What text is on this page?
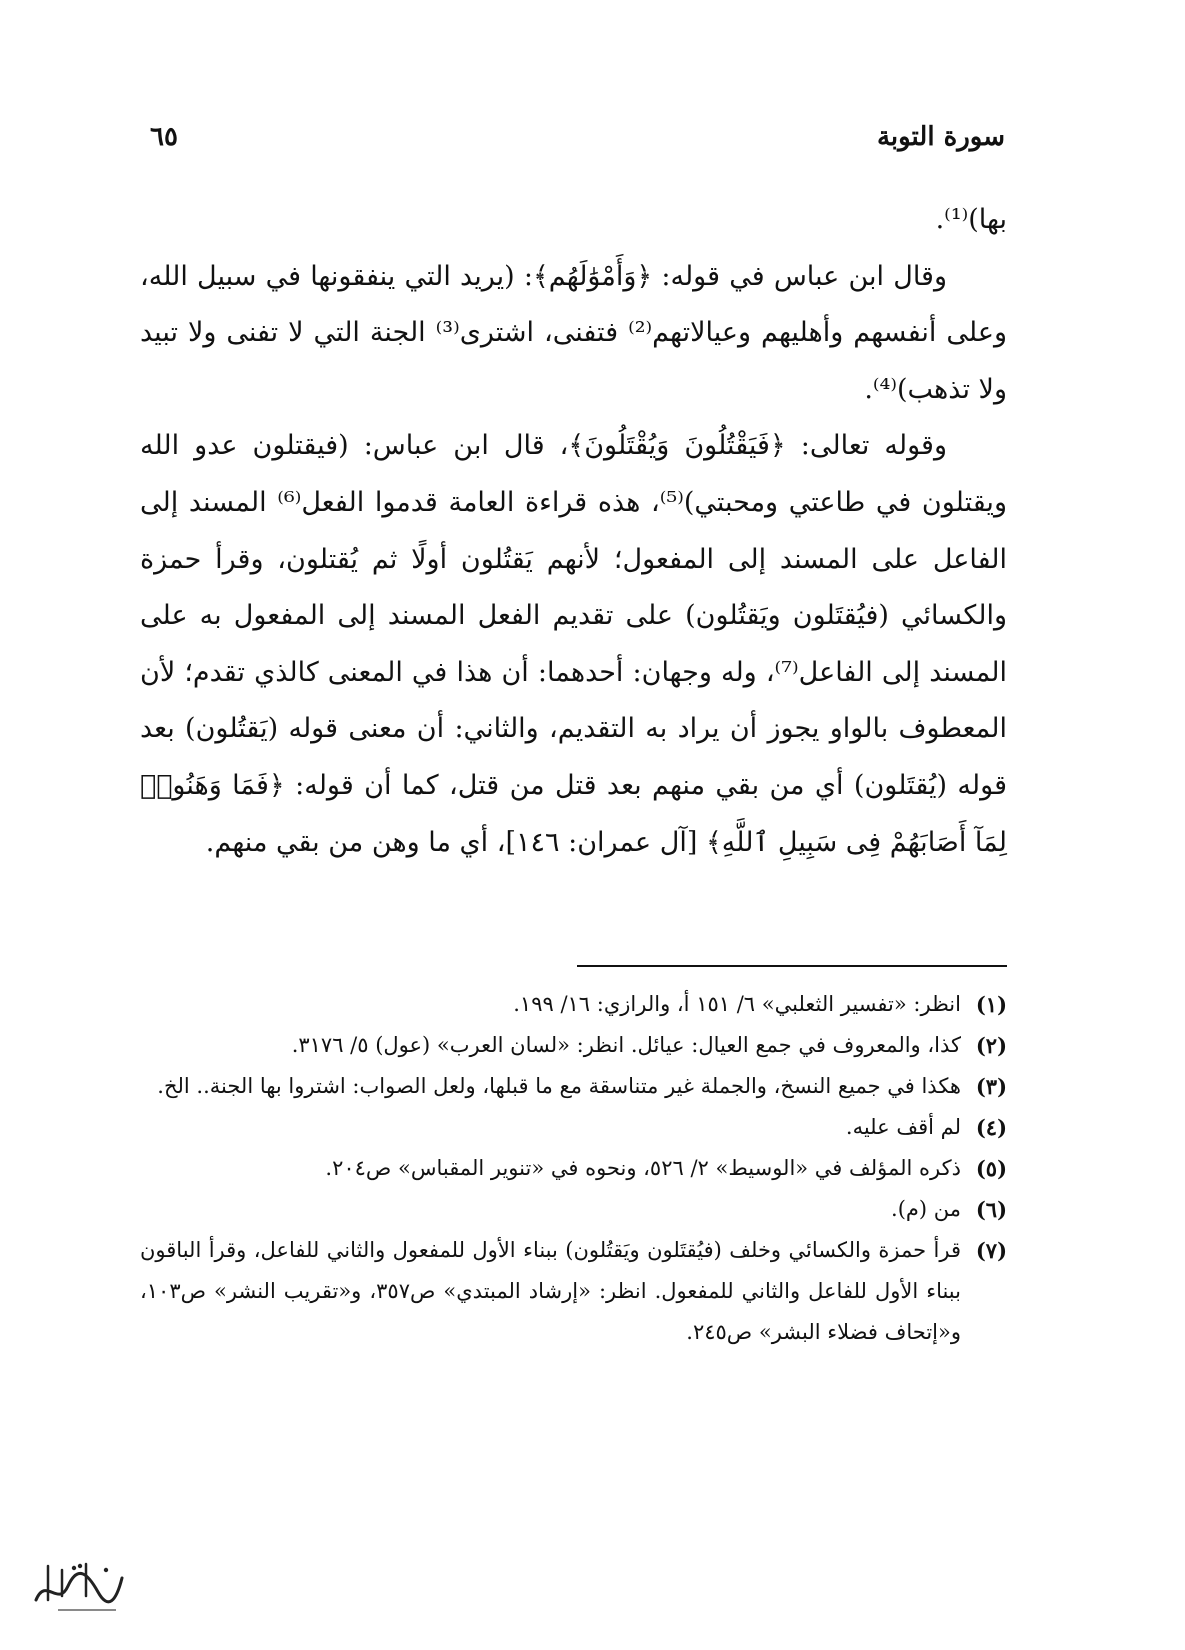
سورة التوبة
٦٥

بها)⁽¹⁾.

وقال ابن عباس في قوله: ﴿وَأَمْوَٰلَهُم﴾: (يريد التي ينفقونها في سبيل الله، وعلى أنفسهم وأهليهم وعيالاتهم⁽²⁾ فتفنى، اشترى⁽³⁾ الجنة التي لا تفنى ولا تبيد ولا تذهب)⁽⁴⁾.

وقوله تعالى: ﴿فَيَقْتُلُونَ وَيُقْتَلُونَ﴾، قال ابن عباس: (فيقتلون عدو الله ويقتلون في طاعتي ومحبتي)⁽⁵⁾، هذه قراءة العامة قدموا الفعل⁽⁶⁾ المسند إلى الفاعل على المسند إلى المفعول؛ لأنهم يَقتُلون أولًا ثم يُقتلون، وقرأ حمزة والكسائي (فيُقتَلون ويَقتُلون) على تقديم الفعل المسند إلى المفعول به على المسند إلى الفاعل⁽⁷⁾، وله وجهان: أحدهما: أن هذا في المعنى كالذي تقدم؛ لأن المعطوف بالواو يجوز أن يراد به التقديم، والثاني: أن معنى قوله (يَقتُلون) بعد قوله (يُقتَلون) أي من بقي منهم بعد قتل من قتل، كما أن قوله: ﴿فَمَا وَهَنُوا۟ لِمَآ أَصَابَهُمْ فِى سَبِيلِ ٱللَّهِ﴾ [آل عمران: ١٤٦]، أي ما وهن من بقي منهم.

(١)
انظر: «تفسير الثعلبي» ٦/ ١٥١ أ، والرازي: ١٦/ ١٩٩.
(٢)
كذا، والمعروف في جمع العيال: عيائل. انظر: «لسان العرب» (عول) ٥/ ٣١٧٦.
(٣)
هكذا في جميع النسخ، والجملة غير متناسقة مع ما قبلها، ولعل الصواب: اشتروا بها الجنة.. الخ.
(٤)
لم أقف عليه.
(٥)
ذكره المؤلف في «الوسيط» ٢/ ٥٢٦، ونحوه في «تنوير المقباس» ص٢٠٤.
(٦)
من (م).
(٧)
قرأ حمزة والكسائي وخلف (فيُقتَلون ويَقتُلون) ببناء الأول للمفعول والثاني للفاعل، وقرأ الباقون ببناء الأول للفاعل والثاني للمفعول. انظر: «إرشاد المبتدي» ص٣٥٧، و«تقريب النشر» ص١٠٣، و«إتحاف فضلاء البشر» ص٢٤٥.
